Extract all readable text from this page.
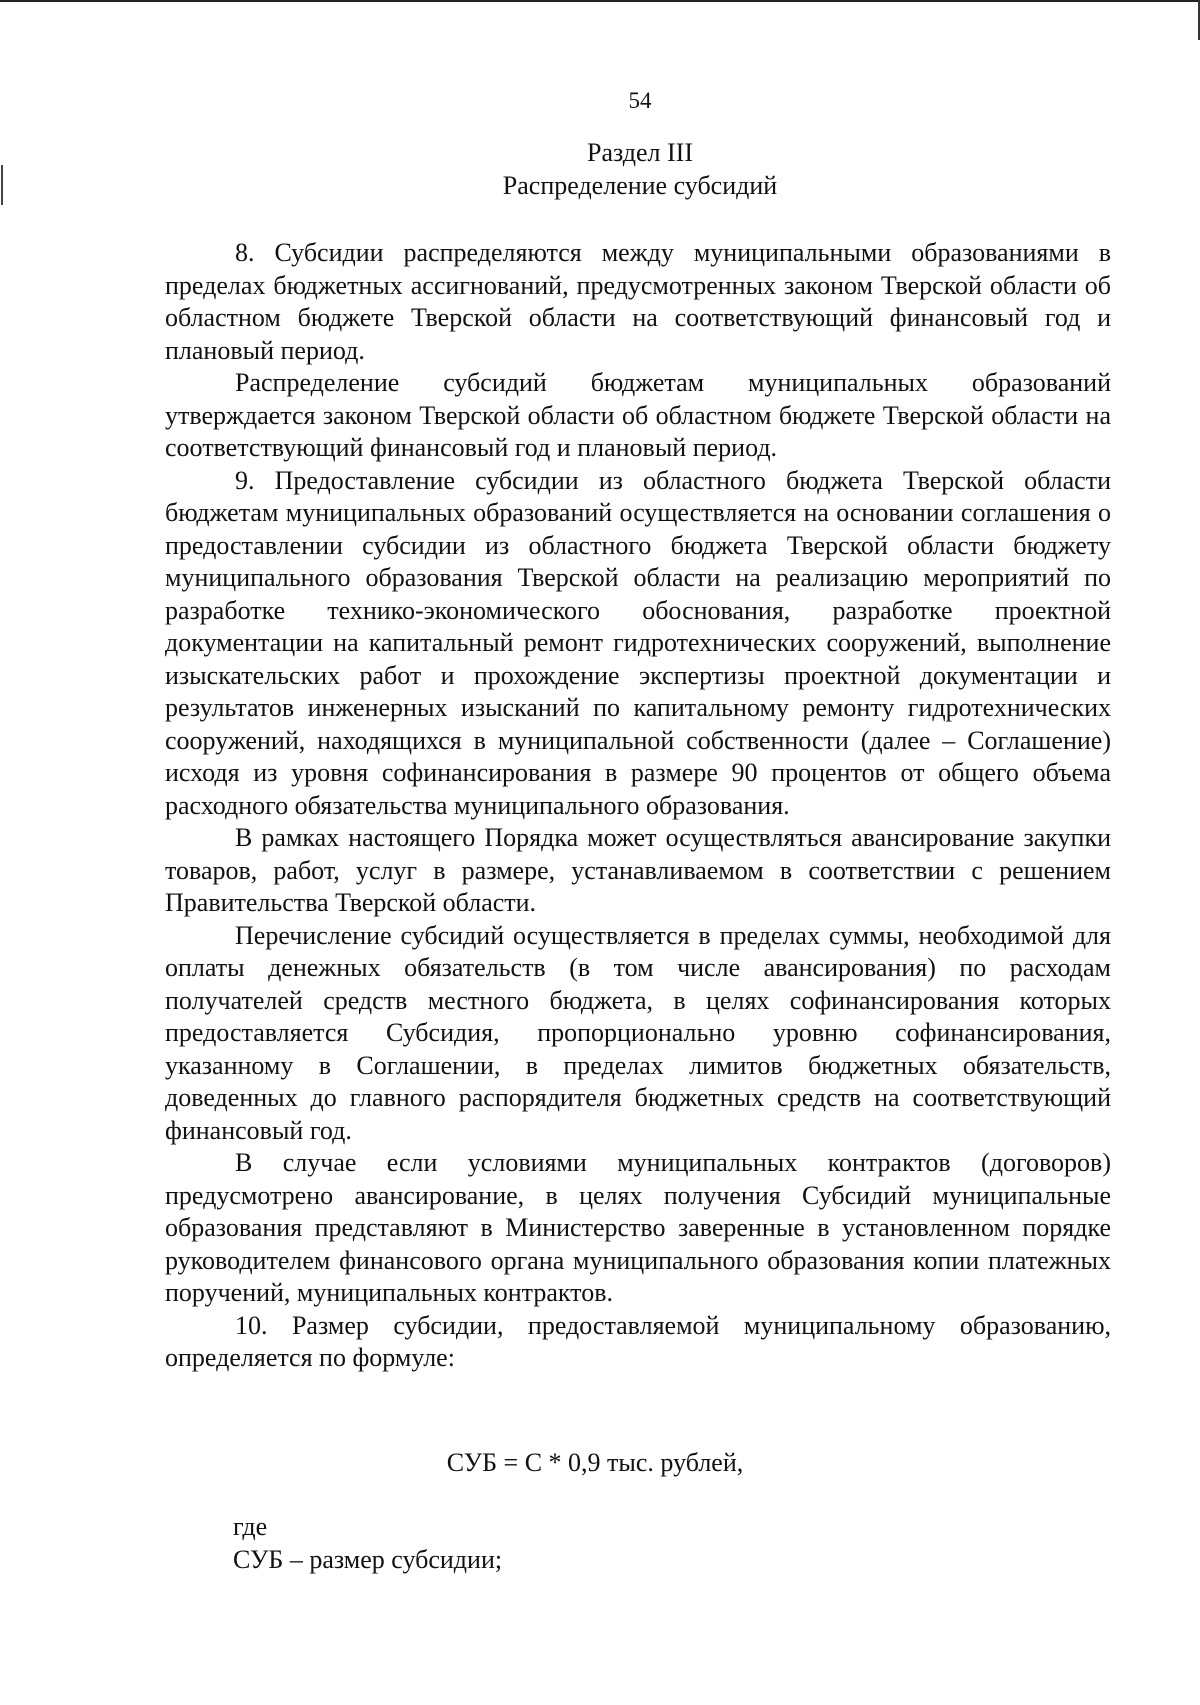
54
Раздел III
Распределение субсидий

8. Субсидии распределяются между муниципальными образованиями в пределах бюджетных ассигнований, предусмотренных законом Тверской области об областном бюджете Тверской области на соответствующий финансовый год и плановый период.

Распределение субсидий бюджетам муниципальных образований утверждается законом Тверской области об областном бюджете Тверской области на соответствующий финансовый год и плановый период.

9. Предоставление субсидии из областного бюджета Тверской области бюджетам муниципальных образований осуществляется на основании соглашения о предоставлении субсидии из областного бюджета Тверской области бюджету муниципального образования Тверской области на реализацию мероприятий по разработке технико-экономического обоснования, разработке проектной документации на капитальный ремонт гидротехнических сооружений, выполнение изыскательских работ и прохождение экспертизы проектной документации и результатов инженерных изысканий по капитальному ремонту гидротехнических сооружений, находящихся в муниципальной собственности (далее – Соглашение) исходя из уровня софинансирования в размере 90 процентов от общего объема расходного обязательства муниципального образования.

В рамках настоящего Порядка может осуществляться авансирование закупки товаров, работ, услуг в размере, устанавливаемом в соответствии с решением Правительства Тверской области.

Перечисление субсидий осуществляется в пределах суммы, необходимой для оплаты денежных обязательств (в том числе авансирования) по расходам получателей средств местного бюджета, в целях софинансирования которых предоставляется Субсидия, пропорционально уровню софинансирования, указанному в Соглашении, в пределах лимитов бюджетных обязательств, доведенных до главного распорядителя бюджетных средств на соответствующий финансовый год.

В случае если условиями муниципальных контрактов (договоров) предусмотрено авансирование, в целях получения Субсидий муниципальные образования представляют в Министерство заверенные в установленном порядке руководителем финансового органа муниципального образования копии платежных поручений, муниципальных контрактов.

10. Размер субсидии, предоставляемой муниципальному образованию, определяется по формуле:

СУБ = С * 0,9 тыс. рублей,
где
СУБ – размер субсидии;
